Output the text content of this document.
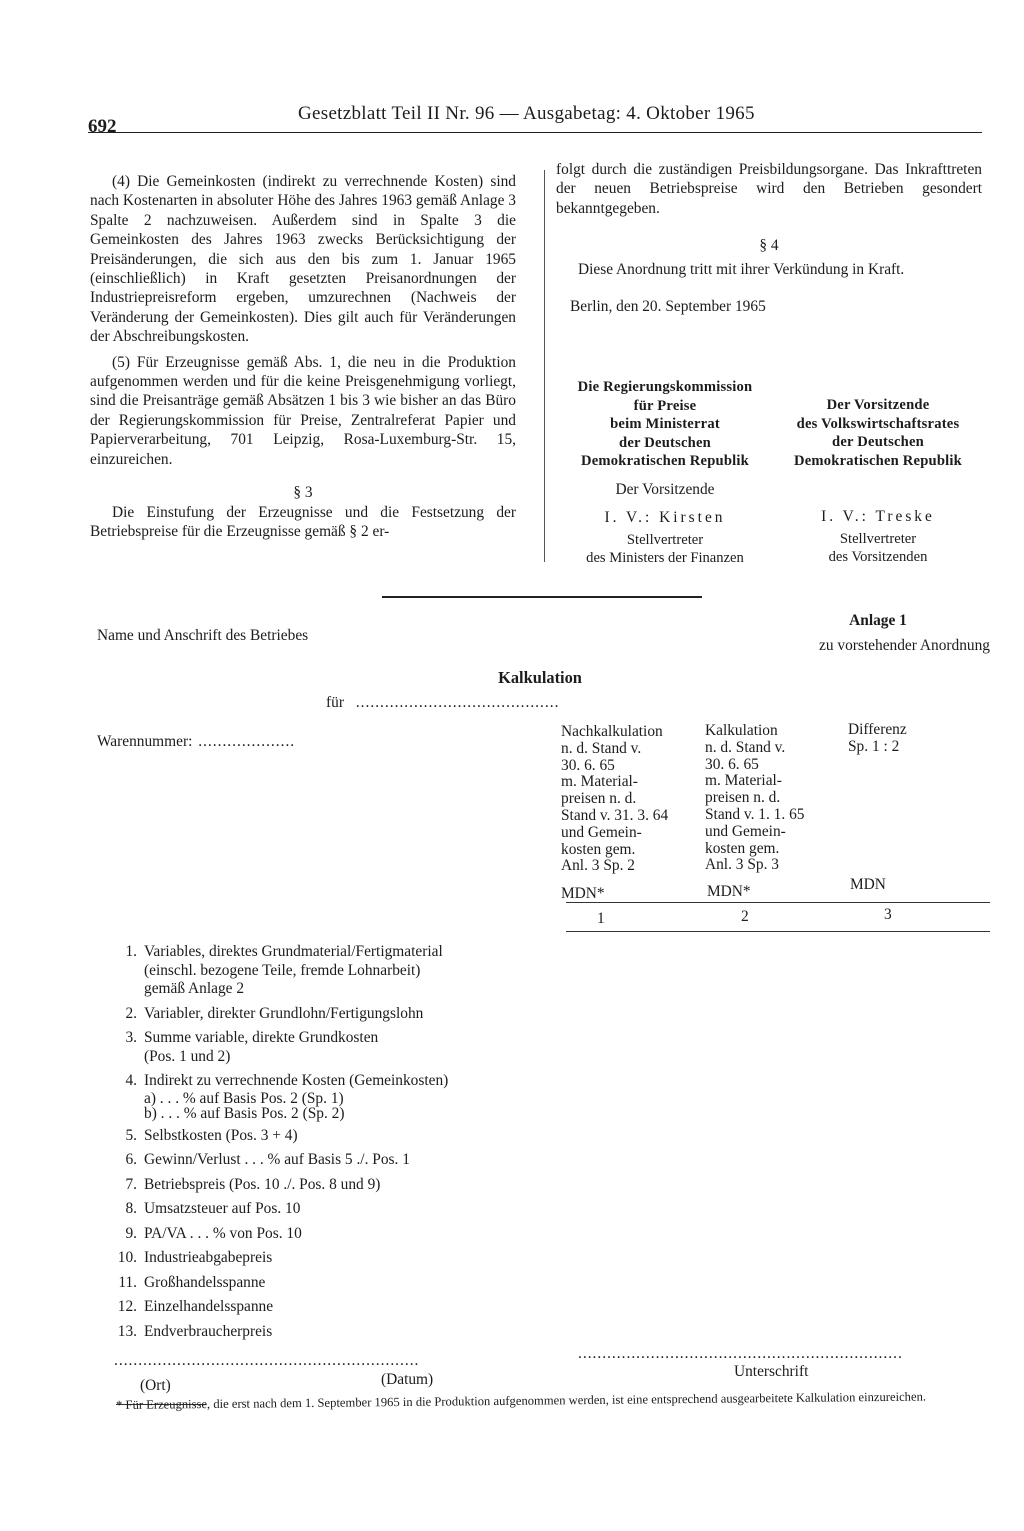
692
Gesetzblatt Teil II Nr. 96 — Ausgabetag: 4. Oktober 1965

(4) Die Gemeinkosten (indirekt zu verrechnende Kosten) sind nach Kostenarten in absoluter Höhe des Jahres 1963 gemäß Anlage 3 Spalte 2 nachzuweisen. Außerdem sind in Spalte 3 die Gemeinkosten des Jahres 1963 zwecks Berücksichtigung der Preisänderungen, die sich aus den bis zum 1. Januar 1965 (einschließlich) in Kraft gesetzten Preisanordnungen der Industriepreisreform ergeben, umzurechnen (Nachweis der Veränderung der Gemeinkosten). Dies gilt auch für Veränderungen der Abschreibungskosten.

(5) Für Erzeugnisse gemäß Abs. 1, die neu in die Produktion aufgenommen werden und für die keine Preisgenehmigung vorliegt, sind die Preisanträge gemäß Absätzen 1 bis 3 wie bisher an das Büro der Regierungskommission für Preise, Zentralreferat Papier und Papierverarbeitung, 701 Leipzig, Rosa-Luxemburg-Str. 15, einzureichen.

§ 3

Die Einstufung der Erzeugnisse und die Festsetzung der Betriebspreise für die Erzeugnisse gemäß § 2 er-

folgt durch die zuständigen Preisbildungsorgane. Das Inkrafttreten der neuen Betriebspreise wird den Betrieben gesondert bekanntgegeben.

§ 4

Diese Anordnung tritt mit ihrer Verkündung in Kraft.

Berlin, den 20. September 1965

Die Regierungskommission
für Preise
beim Ministerrat
der Deutschen
Demokratischen Republik
Der Vorsitzende
I. V.: Kirsten
Stellvertreter
des Ministers der Finanzen
Der Vorsitzende
des Volkswirtschaftsrates
der Deutschen
Demokratischen Republik
I. V.: Treske
Stellvertreter
des Vorsitzenden
Name und Anschrift des Betriebes
Anlage 1
zu vorstehender Anordnung
Kalkulation
für ..........................................
Warennummer: ....................
Nachkalkulation
n. d. Stand v.
30. 6. 65
m. Material-
preisen n. d.
Stand v. 31. 3. 64
und Gemein-
kosten gem.
Anl. 3 Sp. 2
MDN*
Kalkulation
n. d. Stand v.
30. 6. 65
m. Material-
preisen n. d.
Stand v. 1. 1. 65
und Gemein-
kosten gem.
Anl. 3 Sp. 3
MDN*
Differenz
Sp. 1 : 2
MDN
1	2	3
1. Variables, direktes Grundmaterial/Fertigmaterial
(einschl. bezogene Teile, fremde Lohnarbeit)
gemäß Anlage 2
2. Variabler, direkter Grundlohn/Fertigungslohn
3. Summe variable, direkte Grundkosten
(Pos. 1 und 2)
4. Indirekt zu verrechnende Kosten (Gemeinkosten)
a) . . . % auf Basis Pos. 2 (Sp. 1)
b) . . . % auf Basis Pos. 2 (Sp. 2)
5. Selbstkosten (Pos. 3 + 4)
6. Gewinn/Verlust . . . % auf Basis 5 ./. Pos. 1
7. Betriebspreis (Pos. 10 ./. Pos. 8 und 9)
8. Umsatzsteuer auf Pos. 10
9. PA/VA . . . % von Pos. 10
10. Industrieabgabepreis
11. Großhandelsspanne
12. Einzelhandelsspanne
13. Endverbraucherpreis
...............................................................	...................................................................
(Ort)	(Datum)	Unterschrift
* Für Erzeugnisse, die erst nach dem 1. September 1965 in die Produktion aufgenommen werden, ist eine entsprechend ausgearbeitete Kalkulation einzureichen.
